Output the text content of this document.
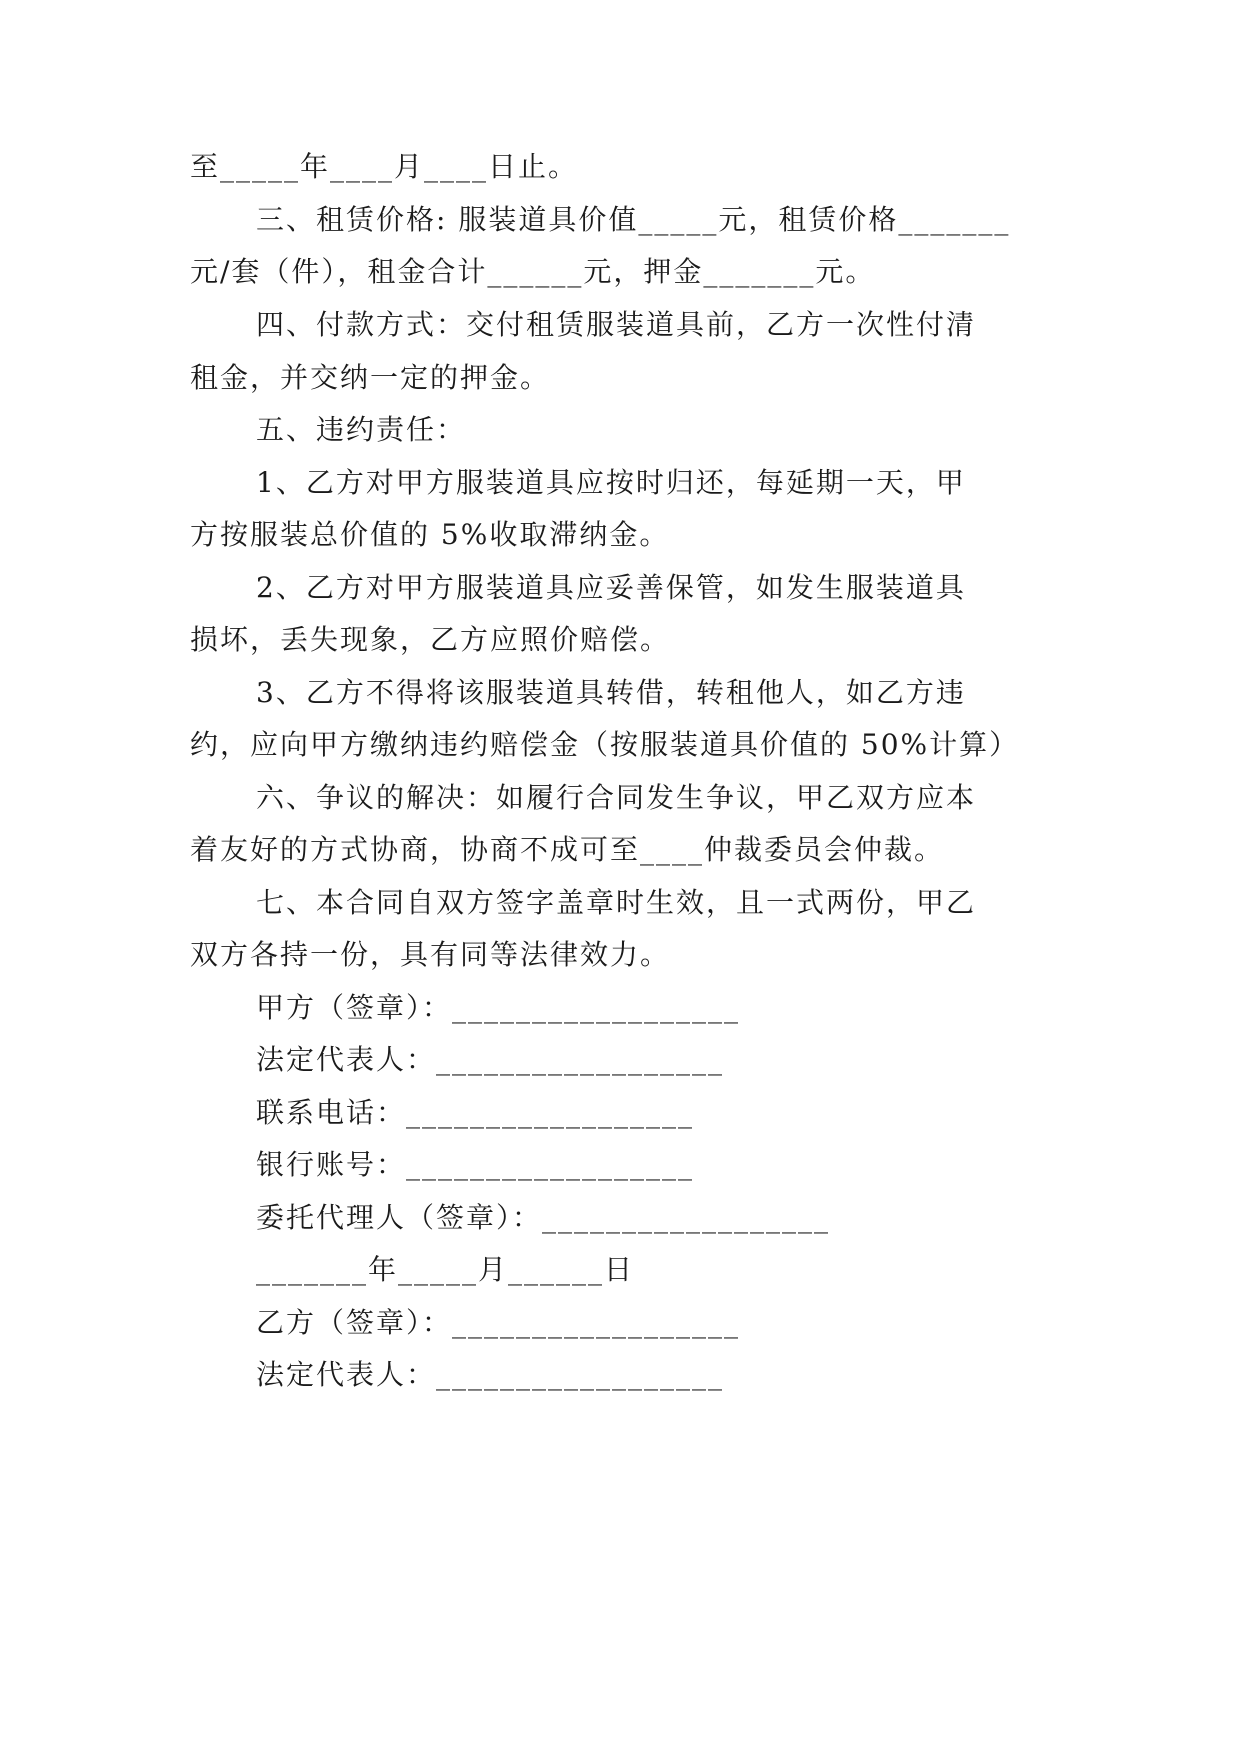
至_____年____月____日止。
三、租赁价格: 服装道具价值_____元，租赁价格_______
元/套（件），租金合计______元，押金_______元。
四、付款方式：交付租赁服装道具前，乙方一次性付清
租金，并交纳一定的押金。
五、违约责任：
1、乙方对甲方服装道具应按时归还，每延期一天，甲
方按服装总价值的 5%收取滞纳金。
2、乙方对甲方服装道具应妥善保管，如发生服装道具
损坏，丢失现象，乙方应照价赔偿。
3、乙方不得将该服装道具转借，转租他人，如乙方违
约，应向甲方缴纳违约赔偿金（按服装道具价值的 50%计算）
六、争议的解决：如履行合同发生争议，甲乙双方应本
着友好的方式协商，协商不成可至____仲裁委员会仲裁。
七、本合同自双方签字盖章时生效，且一式两份，甲乙
双方各持一份，具有同等法律效力。
甲方（签章）：__________________
法定代表人：__________________
联系电话：__________________
银行账号：__________________
委托代理人（签章）：__________________
_______年_____月______日
乙方（签章）：__________________
法定代表人：__________________
